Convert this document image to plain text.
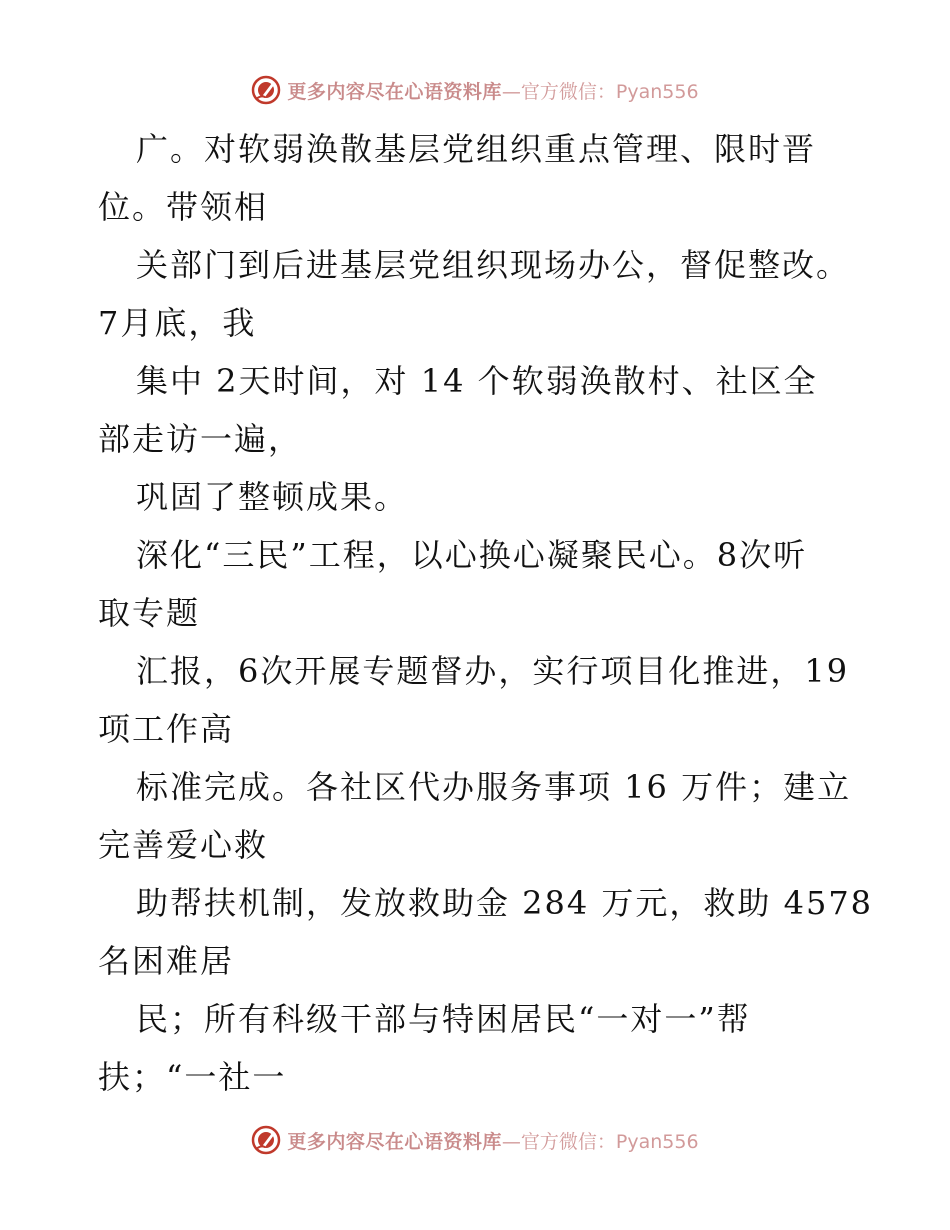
更多内容尽在心语资料库 —官方微信：Pyan556
广。对软弱涣散基层党组织重点管理、限时晋
位。带领相
关部门到后进基层党组织现场办公，督促整改。
7月底，我
集中 2天时间，对 14 个软弱涣散村、社区全
部走访一遍，
巩固了整顿成果。
深化“三民”工程，以心换心凝聚民心。8次听
取专题
汇报，6次开展专题督办，实行项目化推进，19
项工作高
标准完成。各社区代办服务事项 16 万件；建立
完善爱心救
助帮扶机制，发放救助金 284 万元，救助 4578
名困难居
民；所有科级干部与特困居民“一对一”帮
扶；“一社一
更多内容尽在心语资料库 —官方微信：Pyan556
